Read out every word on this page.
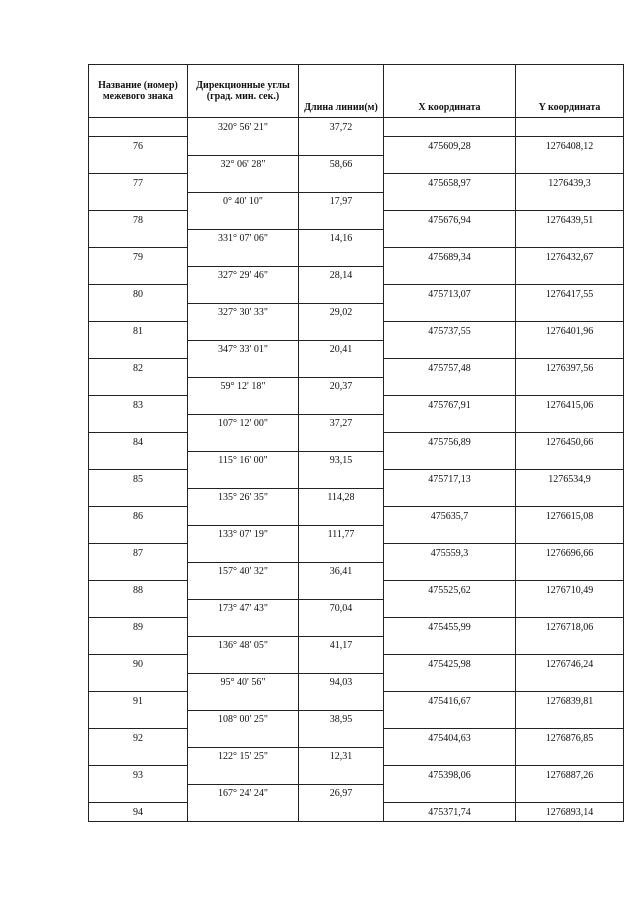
Название (номер) межевого знака	Дирекционные углы (град. мин. сек.)	Длина линии(м)	X координата	Y координата
	320° 56' 21"	37,72		
76			475609,28	1276408,12
	32° 06' 28"	58,66		
77			475658,97	1276439,3
	0° 40' 10"	17,97		
78			475676,94	1276439,51
	331° 07' 06"	14,16		
79			475689,34	1276432,67
	327° 29' 46"	28,14		
80			475713,07	1276417,55
	327° 30' 33"	29,02		
81			475737,55	1276401,96
	347° 33' 01"	20,41		
82			475757,48	1276397,56
	59° 12' 18"	20,37		
83			475767,91	1276415,06
	107° 12' 00"	37,27		
84			475756,89	1276450,66
	115° 16' 00"	93,15		
85			475717,13	1276534,9
	135° 26' 35"	114,28		
86			475635,7	1276615,08
	133° 07' 19"	111,77		
87			475559,3	1276696,66
	157° 40' 32"	36,41		
88			475525,62	1276710,49
	173° 47' 43"	70,04		
89			475455,99	1276718,06
	136° 48' 05"	41,17		
90			475425,98	1276746,24
	95° 40' 56"	94,03		
91			475416,67	1276839,81
	108° 00' 25"	38,95		
92			475404,63	1276876,85
	122° 15' 25"	12,31		
93			475398,06	1276887,26
	167° 24' 24"	26,97		
94			475371,74	1276893,14
